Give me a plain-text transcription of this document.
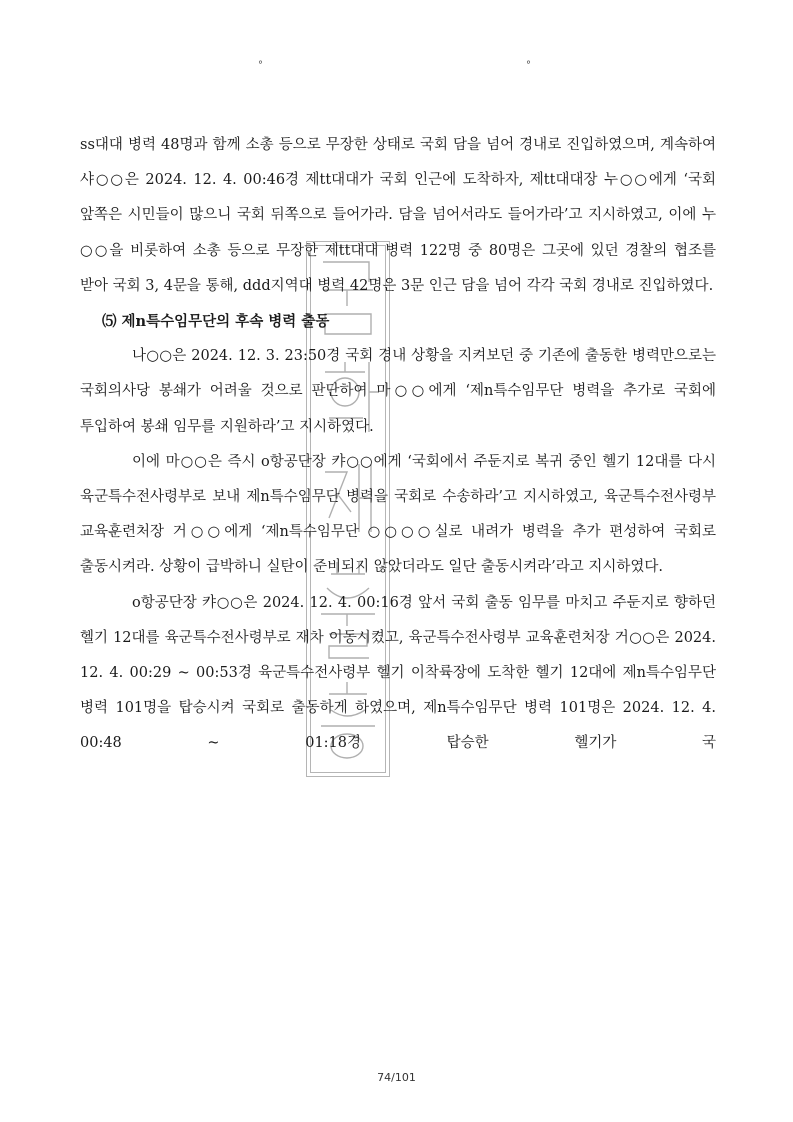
°	°

ss대대 병력 48명과 함께 소총 등으로 무장한 상태로 국회 담을 넘어 경내로 진입하였으며, 계속하여 샤○○은 2024. 12. 4. 00:46경 제tt대대가 국회 인근에 도착하자, 제tt대대장 누○○에게 ‘국회 앞쪽은 시민들이 많으니 국회 뒤쪽으로 들어가라. 담을 넘어서라도 들어가라’고 지시하였고, 이에 누○○을 비롯하여 소총 등으로 무장한 제tt대대 병력 122명 중 80명은 그곳에 있던 경찰의 협조를 받아 국회 3, 4문을 통해, ddd지역대 병력 42명은 3문 인근 담을 넘어 각각 국회 경내로 진입하였다.

⑸ 제n특수임무단의 후속 병력 출동

나○○은 2024. 12. 3. 23:50경 국회 경내 상황을 지켜보던 중 기존에 출동한 병력만으로는 국회의사당 봉쇄가 어려울 것으로 판단하여 마○○에게 ‘제n특수임무단 병력을 추가로 국회에 투입하여 봉쇄 임무를 지원하라’고 지시하였다.

이에 마○○은 즉시 o항공단장 캬○○에게 ‘국회에서 주둔지로 복귀 중인 헬기 12대를 다시 육군특수전사령부로 보내 제n특수임무단 병력을 국회로 수송하라’고 지시하였고, 육군특수전사령부 교육훈련처장 거○○에게 ‘제n특수임무단 ○○○○실로 내려가 병력을 추가 편성하여 국회로 출동시켜라. 상황이 급박하니 실탄이 준비되지 않았더라도 일단 출동시켜라’라고 지시하였다.

o항공단장 캬○○은 2024. 12. 4. 00:16경 앞서 국회 출동 임무를 마치고 주둔지로 향하던 헬기 12대를 육군특수전사령부로 재차 이동시켰고, 육군특수전사령부 교육훈련처장 거○○은 2024. 12. 4. 00:29 ~ 00:53경 육군특수전사령부 헬기 이착륙장에 도착한 헬기 12대에 제n특수임무단 병력 101명을 탑승시켜 국회로 출동하게 하였으며, 제n특수임무단 병력 101명은 2024. 12. 4. 00:48 ~ 01:18경 탑승한 헬기가 국

74/101
